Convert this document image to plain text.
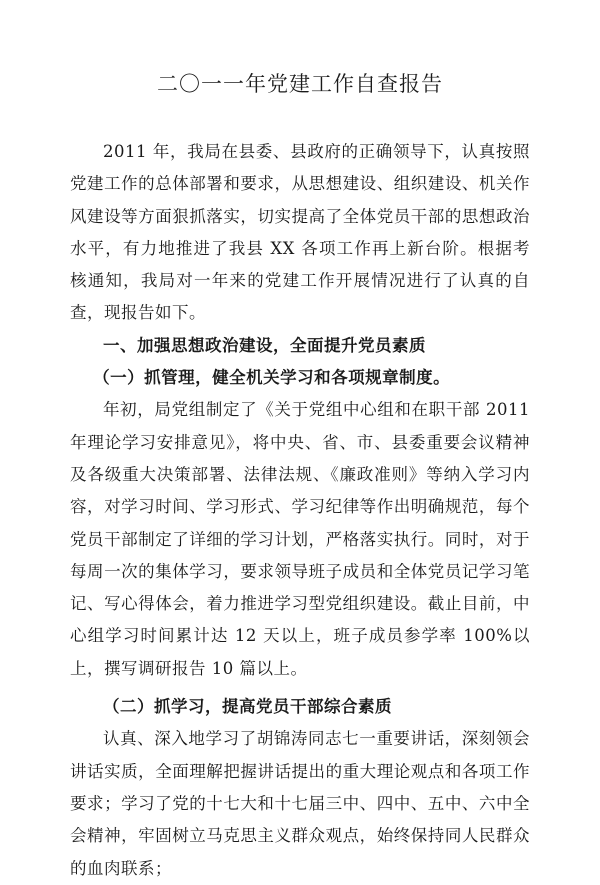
二〇一一年党建工作自查报告

2011 年，我局在县委、县政府的正确领导下，认真按照党建工作的总体部署和要求，从思想建设、组织建设、机关作风建设等方面狠抓落实，切实提高了全体党员干部的思想政治水平，有力地推进了我县 XX 各项工作再上新台阶。根据考核通知，我局对一年来的党建工作开展情况进行了认真的自查，现报告如下。

一、加强思想政治建设，全面提升党员素质

（一）抓管理，健全机关学习和各项规章制度。

年初，局党组制定了《关于党组中心组和在职干部 2011 年理论学习安排意见》，将中央、省、市、县委重要会议精神及各级重大决策部署、法律法规、《廉政准则》等纳入学习内容，对学习时间、学习形式、学习纪律等作出明确规范，每个党员干部制定了详细的学习计划，严格落实执行。同时，对于每周一次的集体学习，要求领导班子成员和全体党员记学习笔记、写心得体会，着力推进学习型党组织建设。截止目前，中心组学习时间累计达 12 天以上，班子成员参学率 100%以上，撰写调研报告 10 篇以上。

（二）抓学习，提高党员干部综合素质

认真、深入地学习了胡锦涛同志七一重要讲话，深刻领会讲话实质，全面理解把握讲话提出的重大理论观点和各项工作要求；学习了党的十七大和十七届三中、四中、五中、六中全会精神，牢固树立马克思主义群众观点，始终保持同人民群众的血肉联系；
